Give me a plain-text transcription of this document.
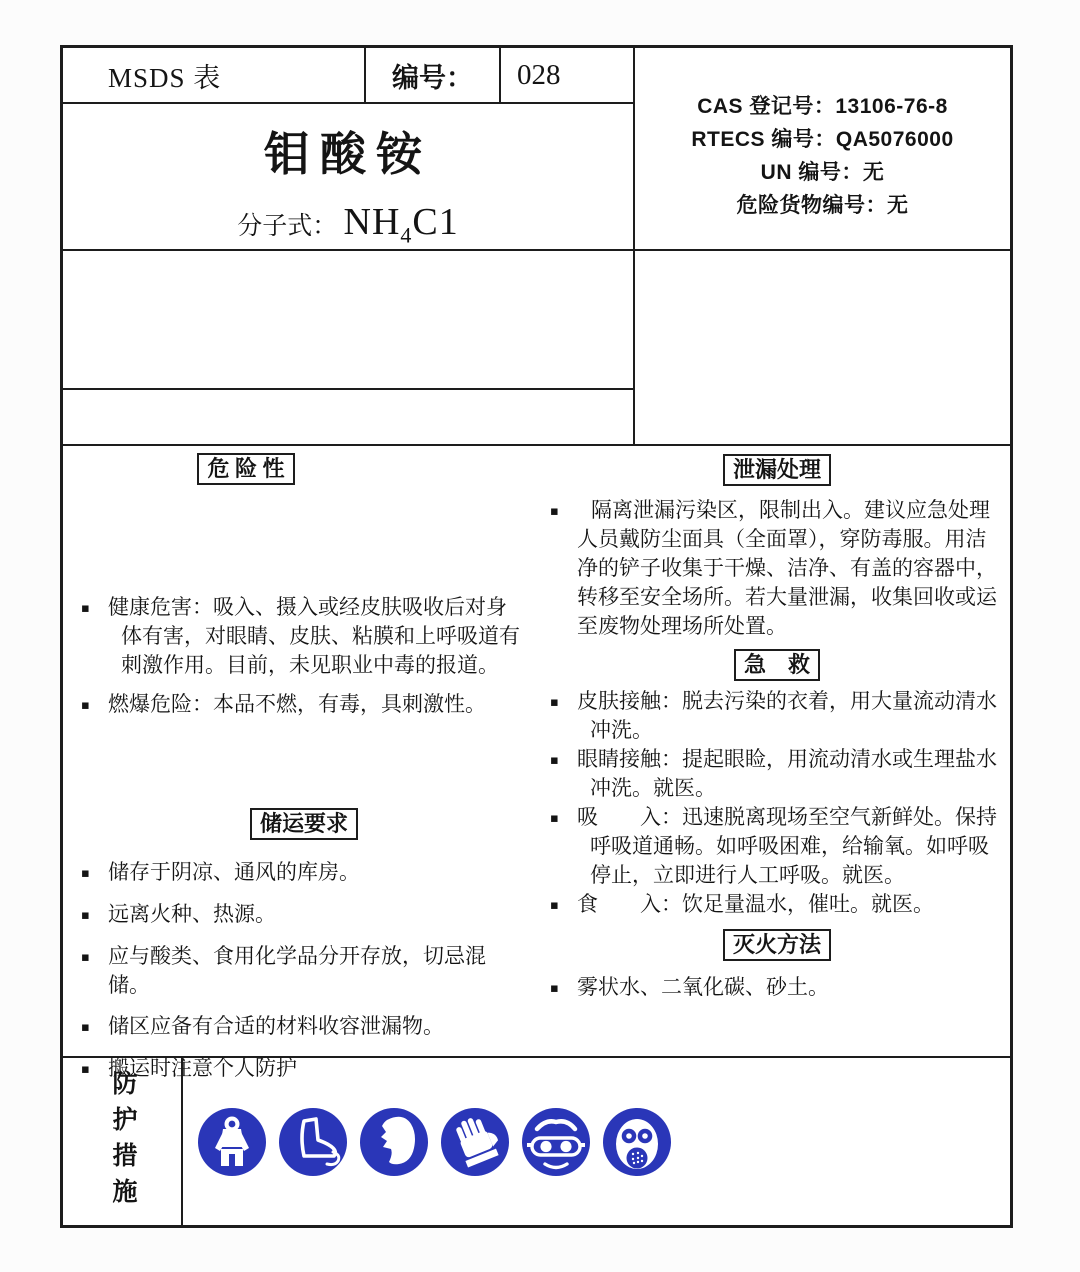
MSDS 表	编号： 028
钼酸铵
分子式： $NH_4C1$
CAS 登记号：13106-76-8
RTECS 编号：QA5076000
UN 编号：无
危险货物编号：无
危 险 性
▪ 健康危害：吸入、摄入或经皮肤吸收后对身体有害，对眼睛、皮肤、粘膜和上呼吸道有刺激作用。目前，未见职业中毒的报道。
▪ 燃爆危险：本品不燃，有毒，具刺激性。
储运要求
▪ 储存于阴凉、通风的库房。
▪ 远离火种、热源。
▪ 应与酸类、食用化学品分开存放，切忌混储。
▪ 储区应备有合适的材料收容泄漏物。
▪ 搬运时注意个人防护
泄漏处理
▪	隔离泄漏污染区，限制出入。建议应急处理人员戴防尘面具（全面罩），穿防毒服。用洁净的铲子收集于干燥、洁净、有盖的容器中，转移至安全场所。若大量泄漏，收集回收或运至废物处理场所处置。
急　救
▪ 皮肤接触：脱去污染的衣着，用大量流动清水冲洗。
▪ 眼睛接触：提起眼睑，用流动清水或生理盐水冲洗。就医。
▪ 吸　　入：迅速脱离现场至空气新鲜处。保持呼吸道通畅。如呼吸困难，给输氧。如呼吸停止，立即进行人工呼吸。就医。
▪ 食　　入：饮足量温水，催吐。就医。
灭火方法
▪ 雾状水、二氧化碳、砂土。
防护措施
